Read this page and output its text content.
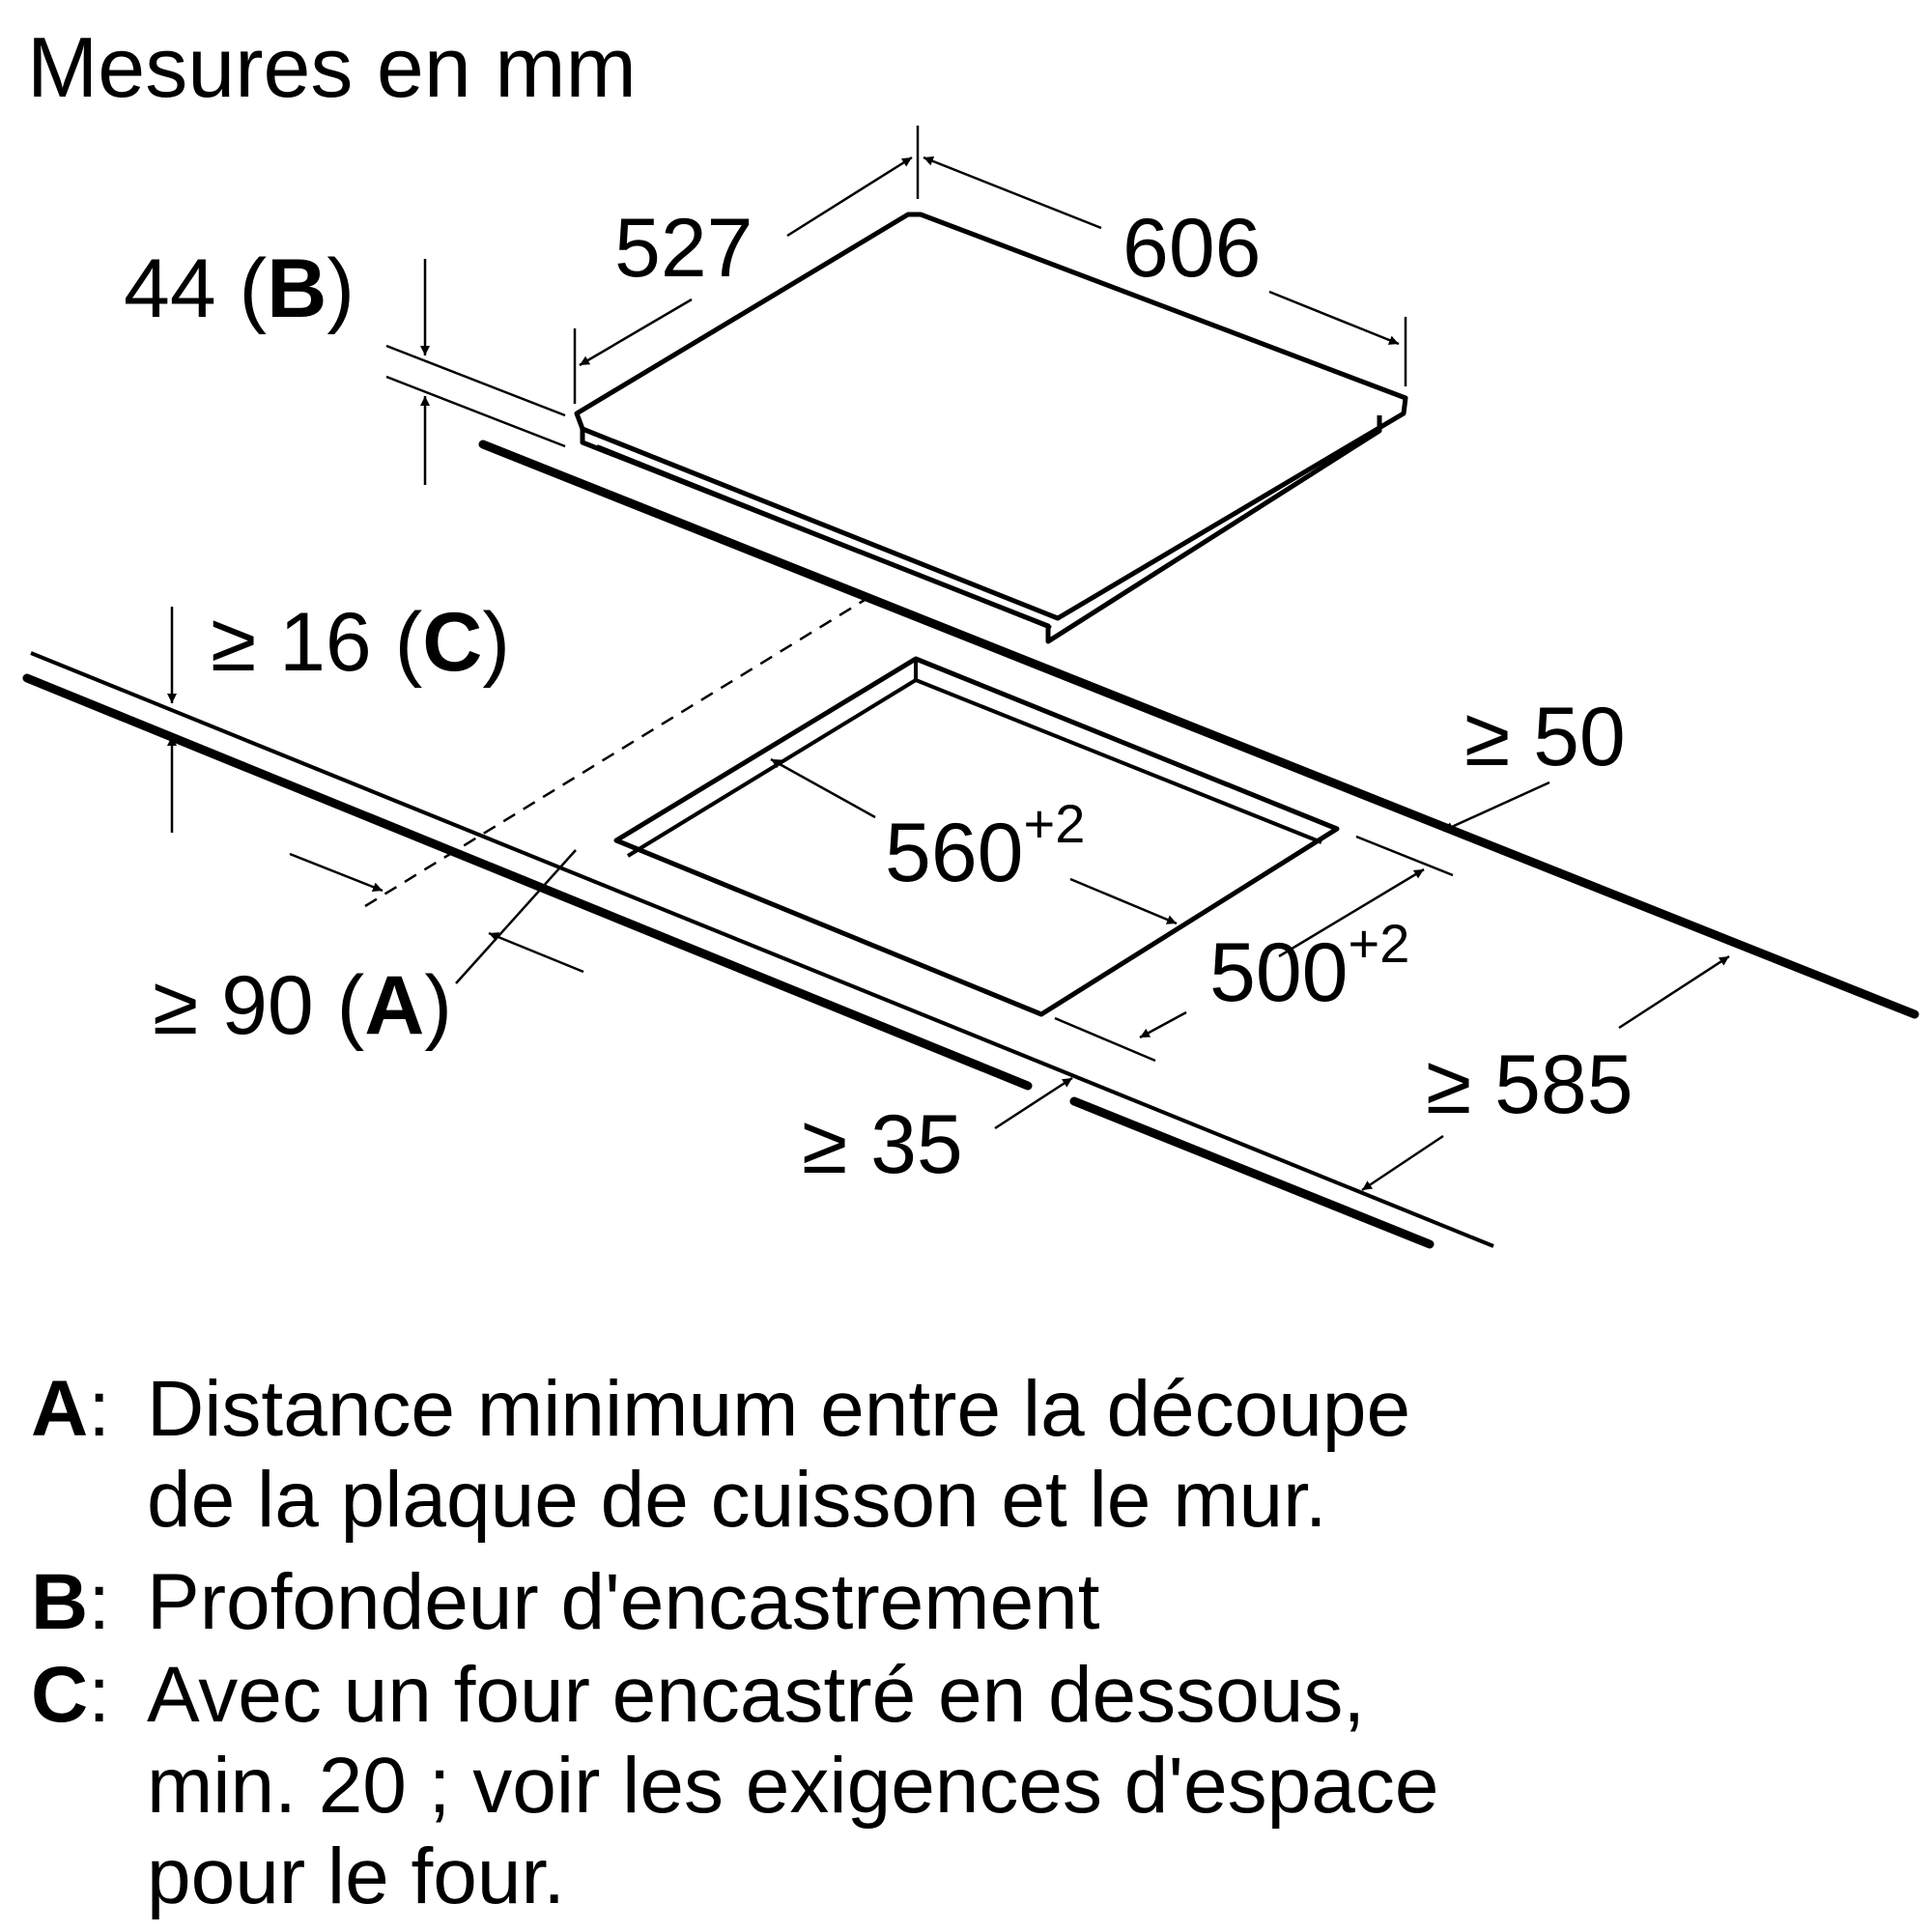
Mesures en mm
527	606
44 (B)
≥ 16 (C)
≥ 50
560+2
500+2
≥ 90 (A)
≥ 35
≥ 585
A: Distance minimum entre la découpe
de la plaque de cuisson et le mur.
B: Profondeur d'encastrement
C: Avec un four encastré en dessous,
min. 20 ; voir les exigences d'espace
pour le four.
